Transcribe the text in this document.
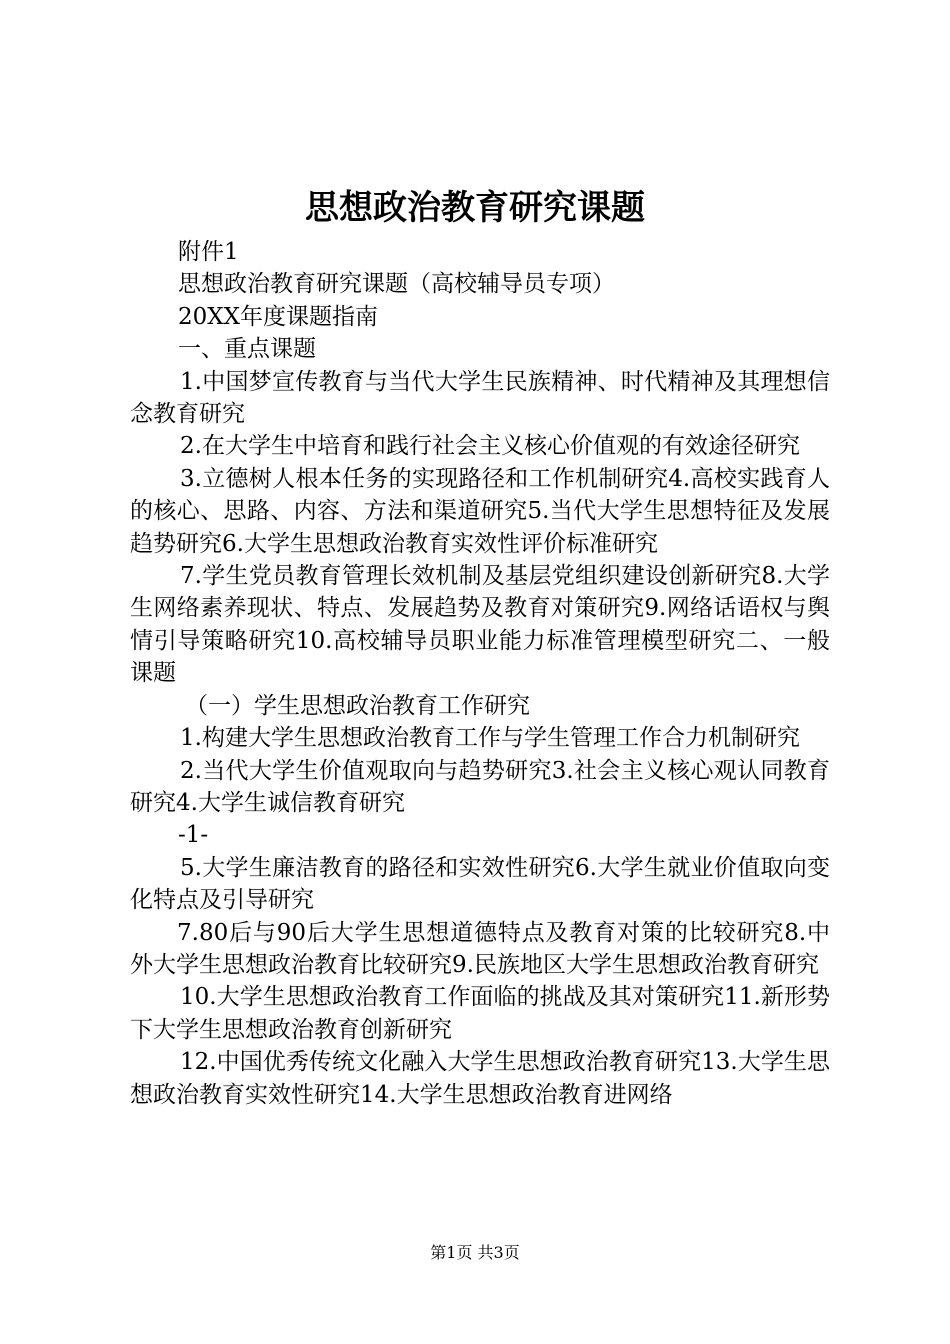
思想政治教育研究课题

附件1

思想政治教育研究课题（高校辅导员专项）

20XX年度课题指南

一、重点课题

1.中国梦宣传教育与当代大学生民族精神、时代精神及其理想信念教育研究

2.在大学生中培育和践行社会主义核心价值观的有效途径研究

3.立德树人根本任务的实现路径和工作机制研究4.高校实践育人的核心、思路、内容、方法和渠道研究5.当代大学生思想特征及发展趋势研究6.大学生思想政治教育实效性评价标准研究

7.学生党员教育管理长效机制及基层党组织建设创新研究8.大学生网络素养现状、特点、发展趋势及教育对策研究9.网络话语权与舆情引导策略研究10.高校辅导员职业能力标准管理模型研究二、一般课题

（一）学生思想政治教育工作研究

1.构建大学生思想政治教育工作与学生管理工作合力机制研究

2.当代大学生价值观取向与趋势研究3.社会主义核心观认同教育研究4.大学生诚信教育研究

-1-

5.大学生廉洁教育的路径和实效性研究6.大学生就业价值取向变化特点及引导研究

7.80后与90后大学生思想道德特点及教育对策的比较研究8.中外大学生思想政治教育比较研究9.民族地区大学生思想政治教育研究

10.大学生思想政治教育工作面临的挑战及其对策研究11.新形势下大学生思想政治教育创新研究

12.中国优秀传统文化融入大学生思想政治教育研究13.大学生思想政治教育实效性研究14.大学生思想政治教育进网络

第1页 共3页
